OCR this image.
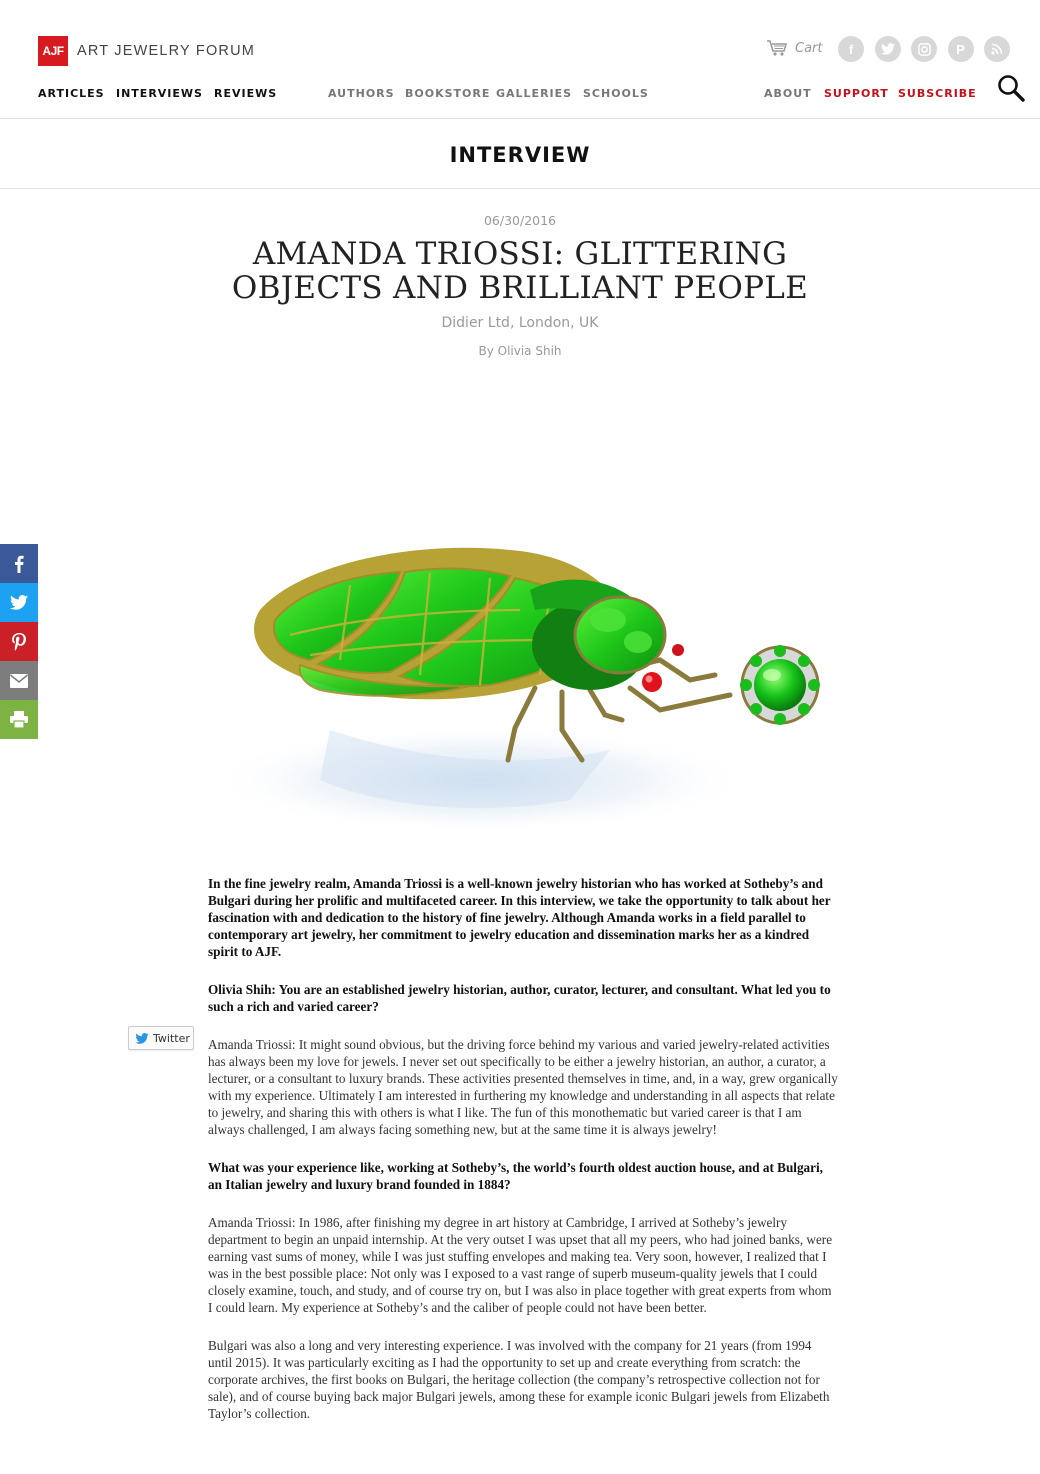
AJF ART JEWELRY FORUM	Cart	f	P
ARTICLES INTERVIEWS REVIEWS	AUTHORS BOOKSTORE GALLERIES SCHOOLS	ABOUT SUPPORT SUBSCRIBE
INTERVIEW
06/30/2016
AMANDA TRIOSSI: GLITTERING OBJECTS AND BRILLIANT PEOPLE
Didier Ltd, London, UK
By Olivia Shih
Twitter

In the fine jewelry realm, Amanda Triossi is a well-known jewelry historian who has worked at Sotheby’s and Bulgari during her prolific and multifaceted career. In this interview, we take the opportunity to talk about her fascination with and dedication to the history of fine jewelry. Although Amanda works in a field parallel to contemporary art jewelry, her commitment to jewelry education and dissemination marks her as a kindred spirit to AJF.

Olivia Shih: You are an established jewelry historian, author, curator, lecturer, and consultant. What led you to such a rich and varied career?

Amanda Triossi: It might sound obvious, but the driving force behind my various and varied jewelry-related activities has always been my love for jewels. I never set out specifically to be either a jewelry historian, an author, a curator, a lecturer, or a consultant to luxury brands. These activities presented themselves in time, and, in a way, grew organically with my experience. Ultimately I am interested in furthering my knowledge and understanding in all aspects that relate to jewelry, and sharing this with others is what I like. The fun of this monothematic but varied career is that I am always challenged, I am always facing something new, but at the same time it is always jewelry!

What was your experience like, working at Sotheby’s, the world’s fourth oldest auction house, and at Bulgari, an Italian jewelry and luxury brand founded in 1884?

Amanda Triossi: In 1986, after finishing my degree in art history at Cambridge, I arrived at Sotheby’s jewelry department to begin an unpaid internship. At the very outset I was upset that all my peers, who had joined banks, were earning vast sums of money, while I was just stuffing envelopes and making tea. Very soon, however, I realized that I was in the best possible place: Not only was I exposed to a vast range of superb museum-quality jewels that I could closely examine, touch, and study, and of course try on, but I was also in place together with great experts from whom I could learn. My experience at Sotheby’s and the caliber of people could not have been better.

Bulgari was also a long and very interesting experience. I was involved with the company for 21 years (from 1994 until 2015). It was particularly exciting as I had the opportunity to set up and create everything from scratch: the corporate archives, the first books on Bulgari, the heritage collection (the company’s retrospective collection not for sale), and of course buying back major Bulgari jewels, among these for example iconic Bulgari jewels from Elizabeth Taylor’s collection.
